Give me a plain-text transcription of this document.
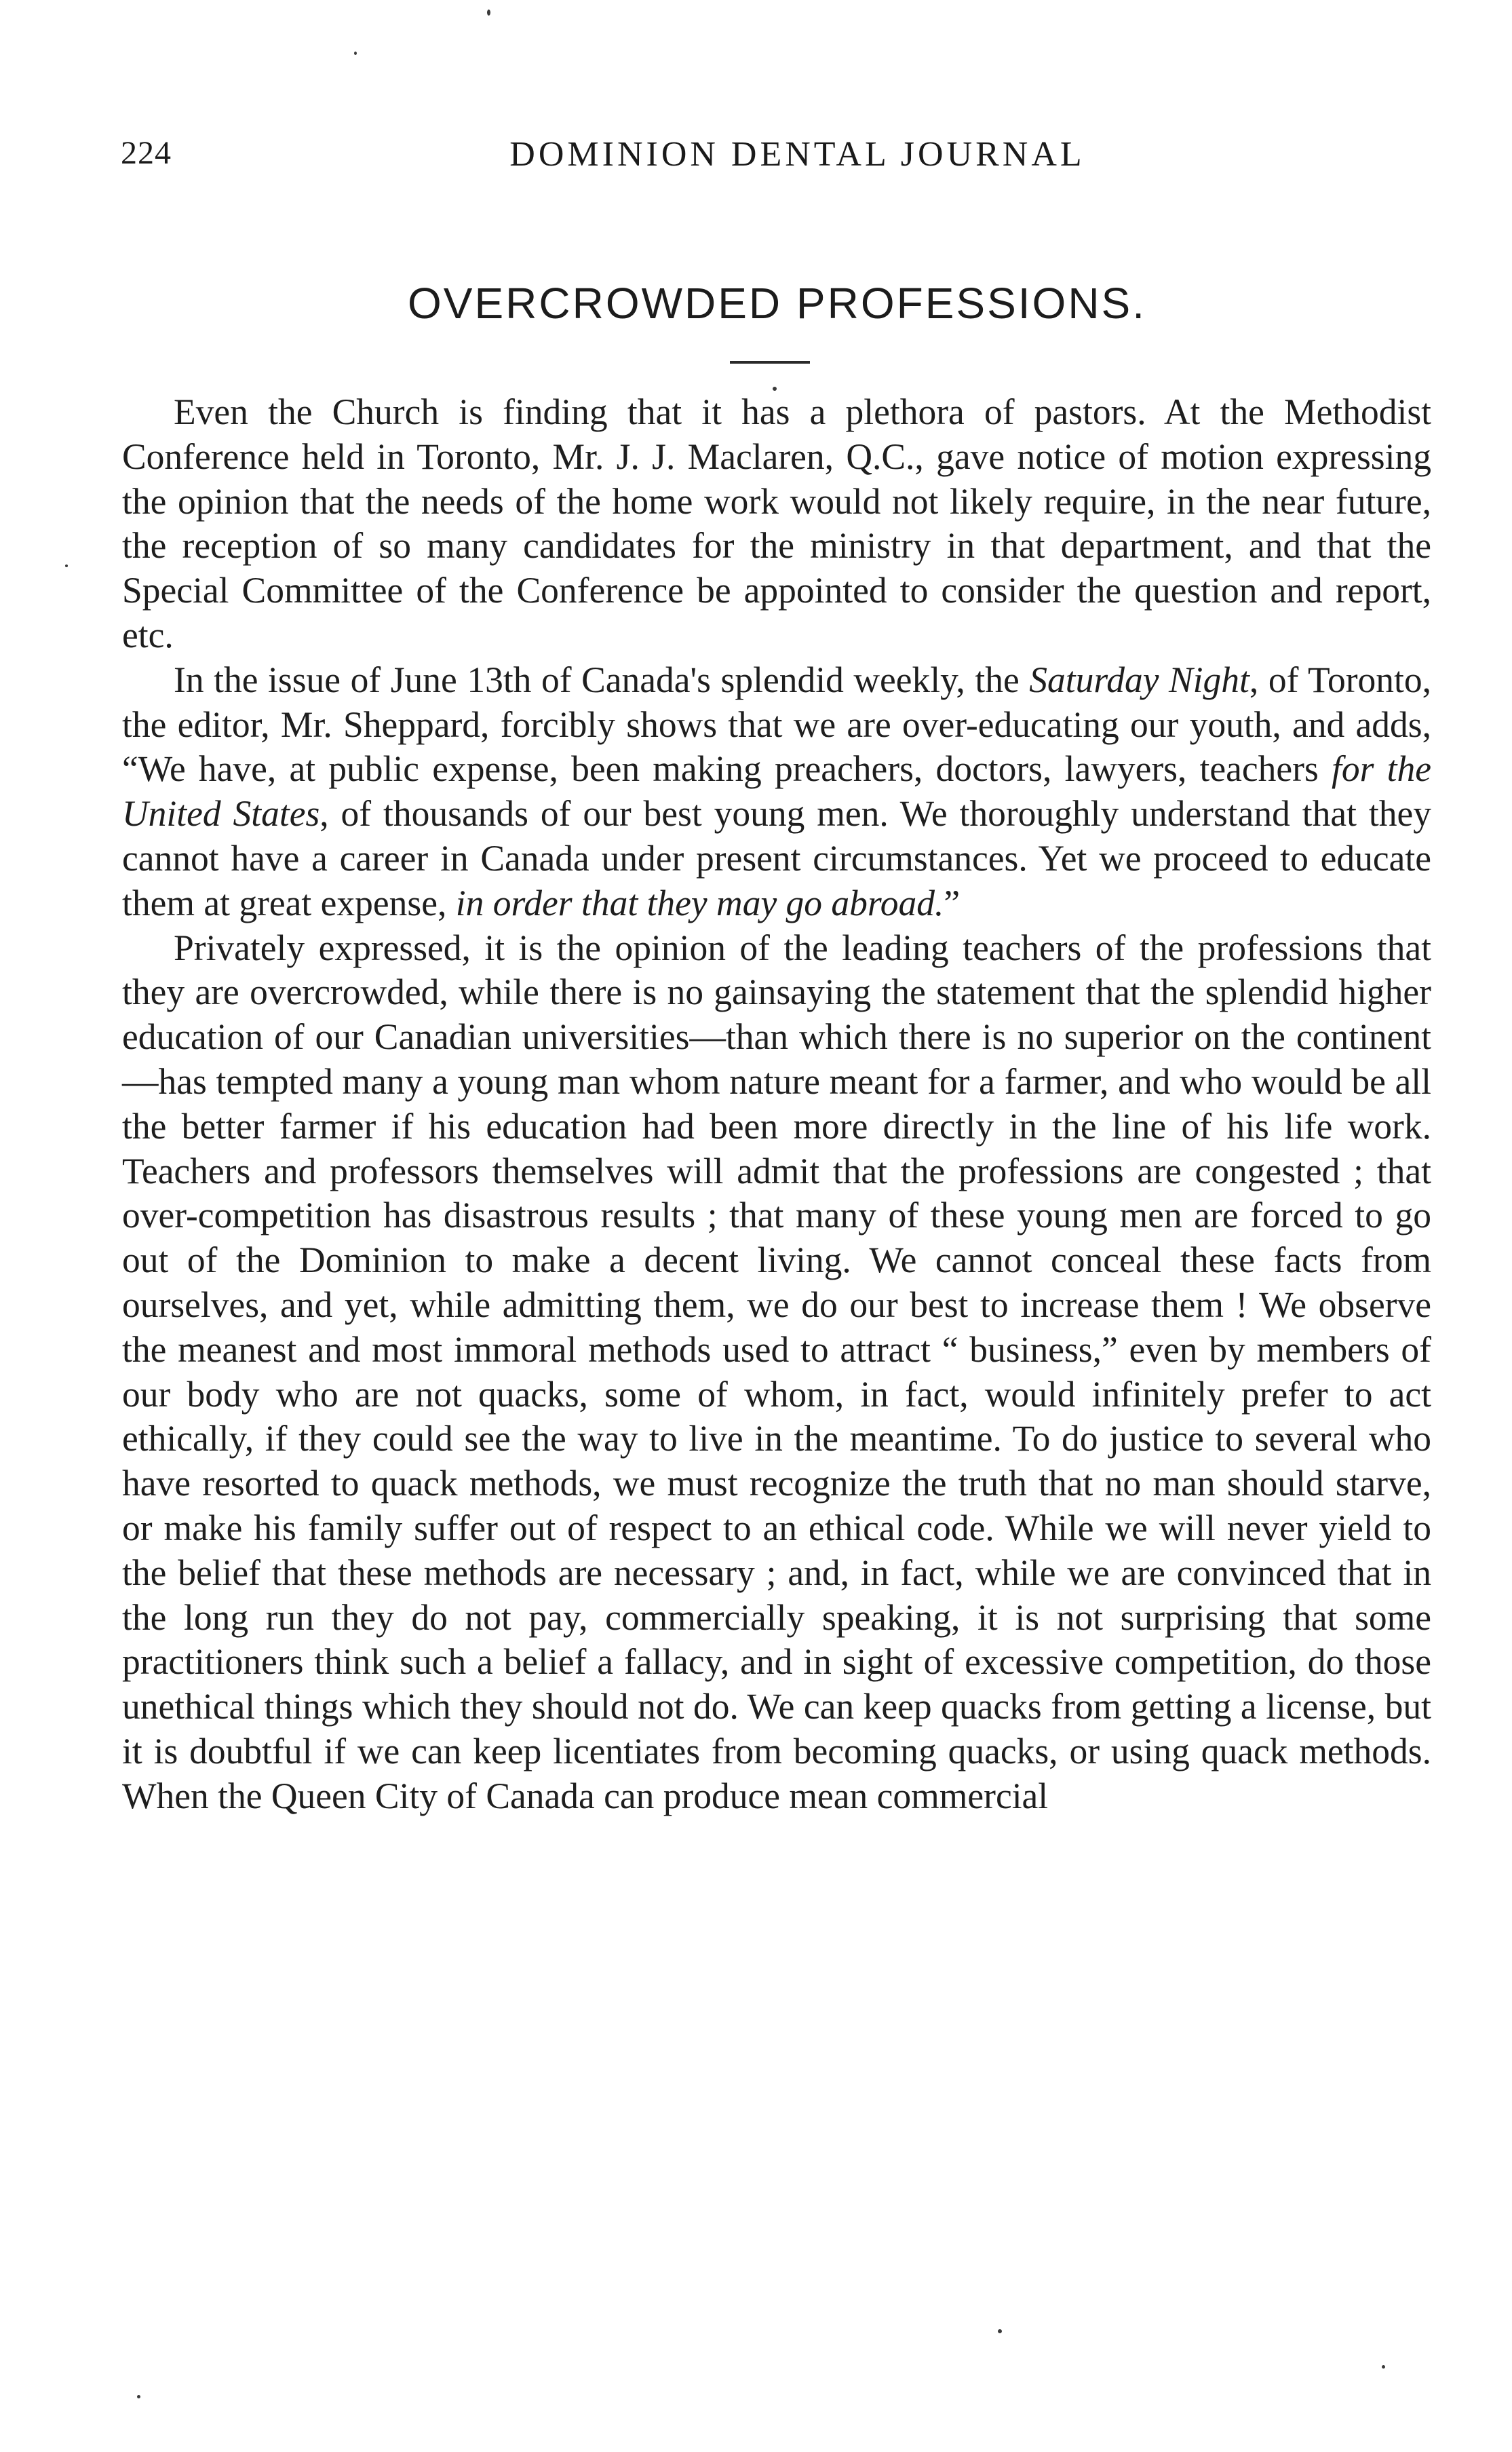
224	DOMINION DENTAL JOURNAL
OVERCROWDED PROFESSIONS.

Even the Church is finding that it has a plethora of pastors. At the Methodist Conference held in Toronto, Mr. J. J. Maclaren, Q.C., gave notice of motion expressing the opinion that the needs of the home work would not likely require, in the near future, the reception of so many candidates for the ministry in that department, and that the Special Committee of the Conference be appointed to consider the question and report, etc.

In the issue of June 13th of Canada's splendid weekly, the Saturday Night, of Toronto, the editor, Mr. Sheppard, forcibly shows that we are over-educating our youth, and adds, “We have, at public expense, been making preachers, doctors, lawyers, teachers for the United States, of thousands of our best young men. We thoroughly understand that they cannot have a career in Canada under present circumstances. Yet we proceed to educate them at great expense, in order that they may go abroad.”

Privately expressed, it is the opinion of the leading teachers of the professions that they are overcrowded, while there is no gainsaying the statement that the splendid higher education of our Canadian universities—than which there is no superior on the continent—has tempted many a young man whom nature meant for a farmer, and who would be all the better farmer if his education had been more directly in the line of his life work. Teachers and professors themselves will admit that the professions are congested ; that over-competition has disastrous results ; that many of these young men are forced to go out of the Dominion to make a decent living. We cannot conceal these facts from ourselves, and yet, while admitting them, we do our best to increase them ! We observe the meanest and most immoral methods used to attract “ business,” even by members of our body who are not quacks, some of whom, in fact, would infinitely prefer to act ethically, if they could see the way to live in the meantime. To do justice to several who have resorted to quack methods, we must recognize the truth that no man should starve, or make his family suffer out of respect to an ethical code. While we will never yield to the belief that these methods are necessary ; and, in fact, while we are convinced that in the long run they do not pay, commercially speaking, it is not surprising that some practitioners think such a belief a fallacy, and in sight of excessive competition, do those unethical things which they should not do. We can keep quacks from getting a license, but it is doubtful if we can keep licentiates from becoming quacks, or using quack methods. When the Queen City of Canada can produce mean commercial
